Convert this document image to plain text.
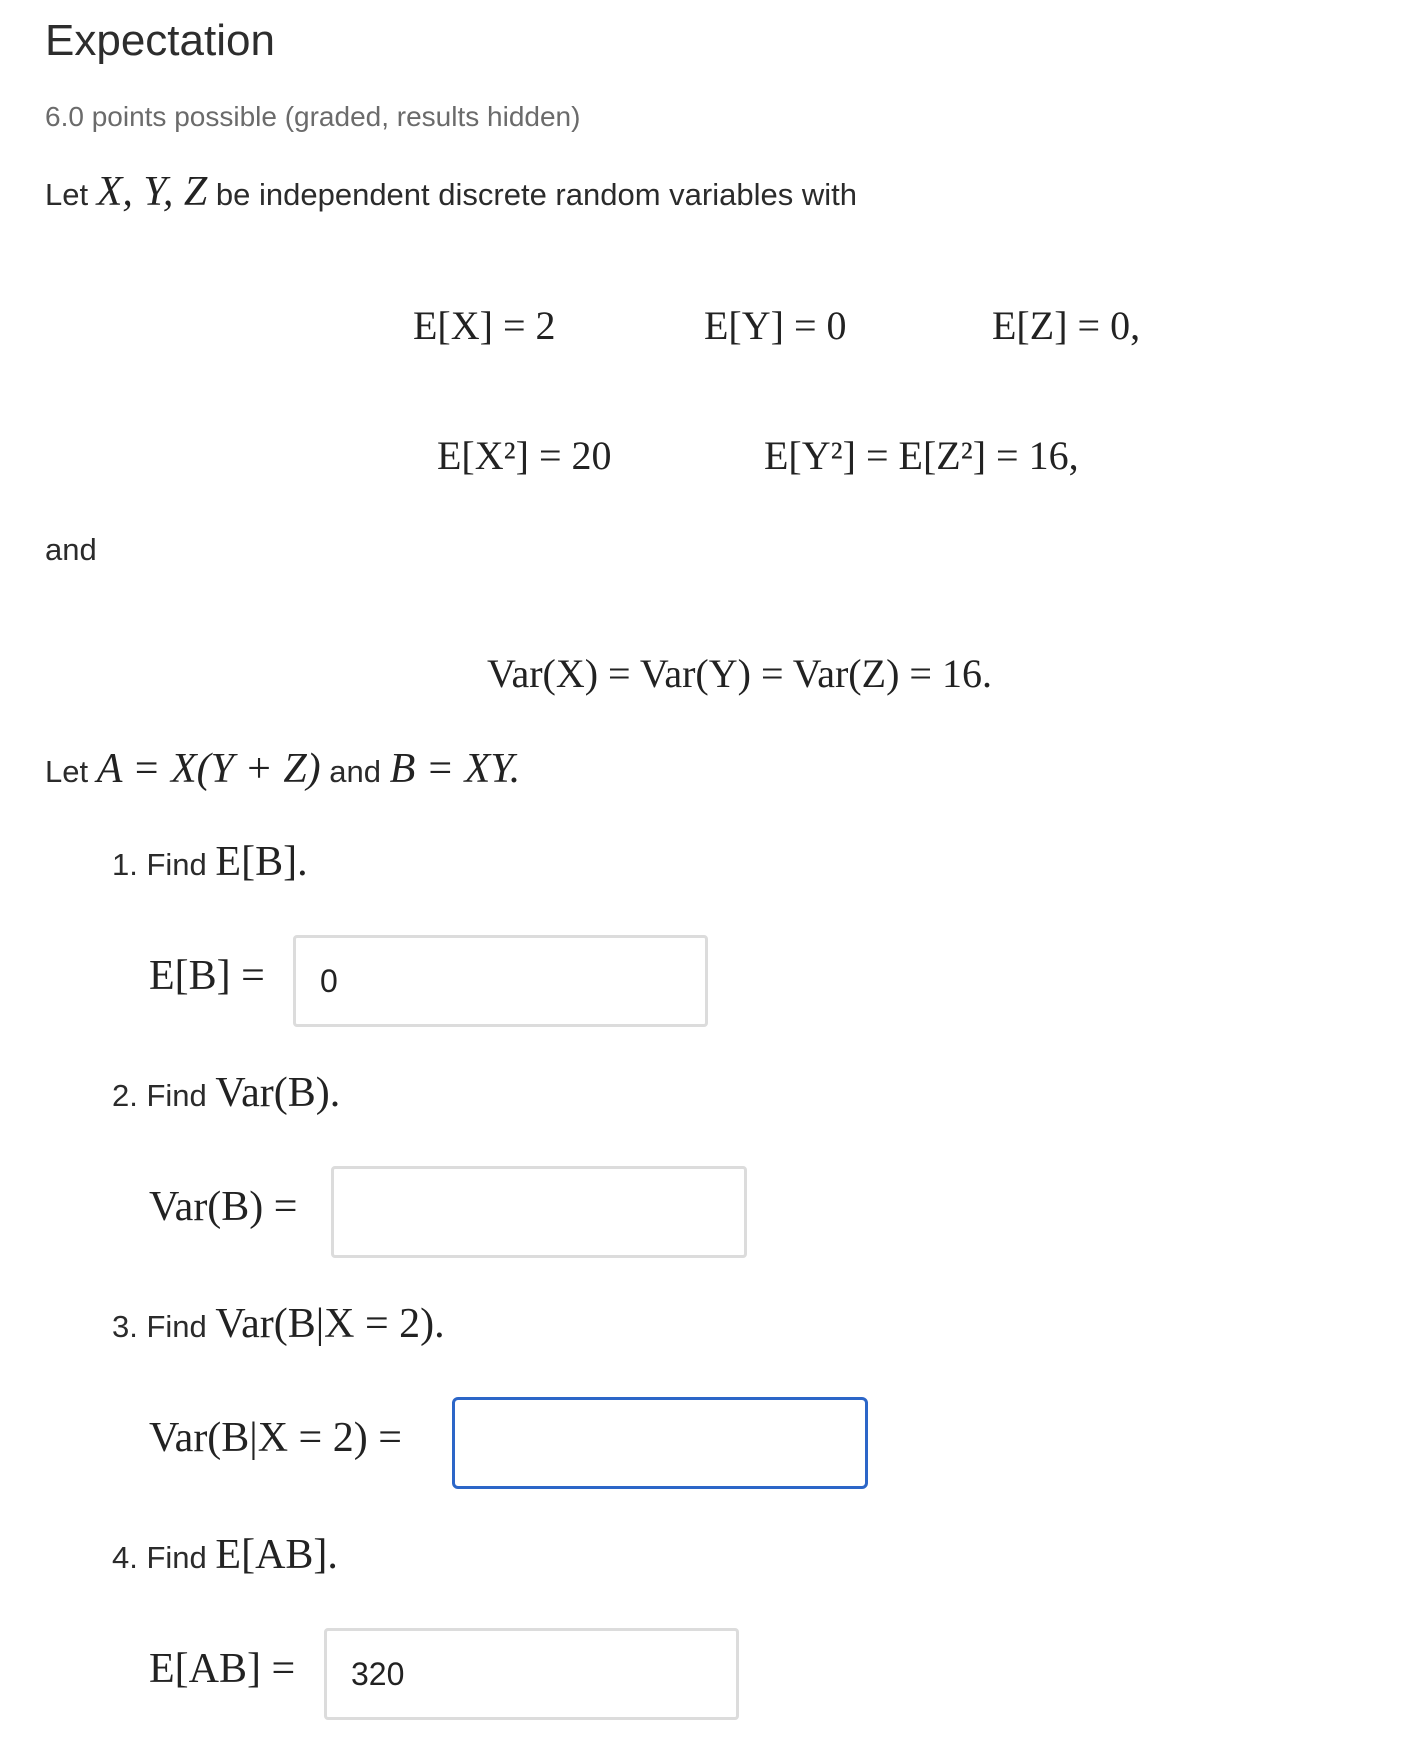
Expectation
6.0 points possible (graded, results hidden)
Let X, Y, Z be independent discrete random variables with
E[X] = 2	E[Y] = 0	E[Z] = 0,
E[X²] = 20	E[Y²] = E[Z²] = 16,
and
Var(X) = Var(Y) = Var(Z) = 16.
Let A = X(Y + Z) and B = XY.
1. Find E[B].
E[B] =
0
2. Find Var(B).
Var(B) =
3. Find Var(B|X = 2).
Var(B|X = 2) =
4. Find E[AB].
E[AB] =
320
